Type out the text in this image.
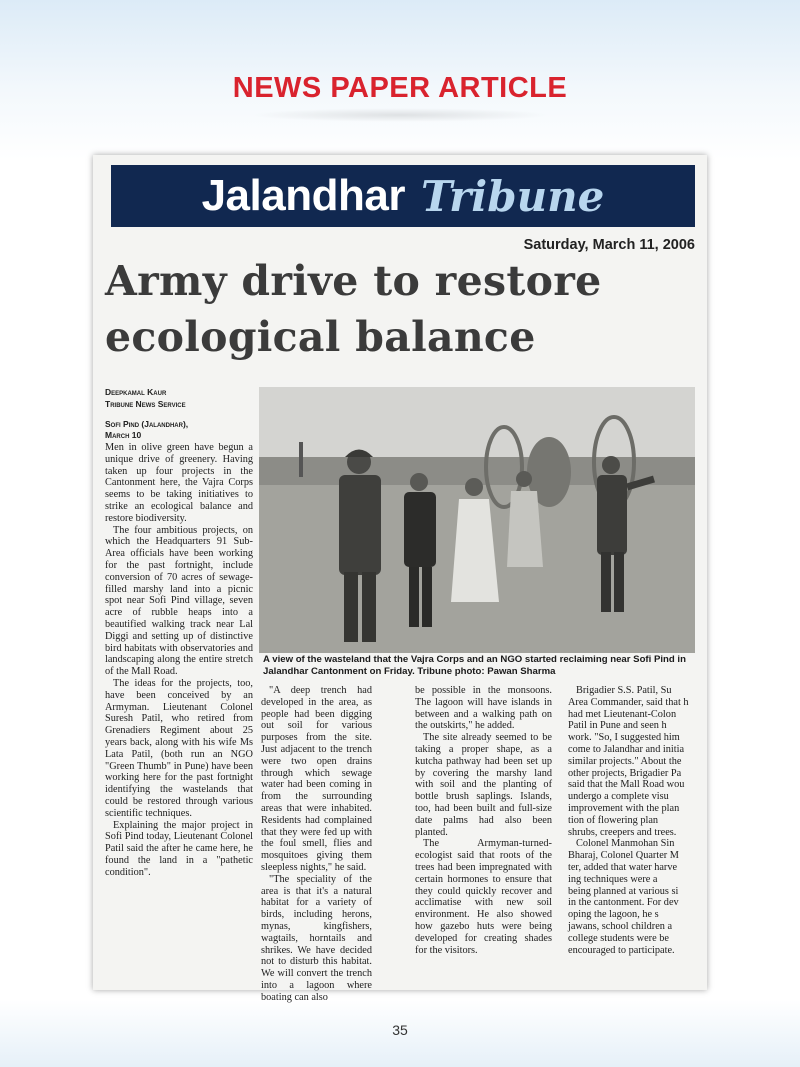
NEWS PAPER ARTICLE
Jalandhar Tribune
Saturday, March 11, 2006
Army drive to restore
ecological balance
Deepkamal Kaur
Tribune News Service
A view of the wasteland that the Vajra Corps and an NGO started reclaiming near Sofi Pind in Jalandhar Cantonment on Friday. Tribune photo: Pawan Sharma
Sofi Pind (Jalandhar),
March 10

Men in olive green have begun a unique drive of greenery. Having taken up four projects in the Cantonment here, the Vajra Corps seems to be taking initiatives to strike an ecological balance and restore biodiversity.

The four ambitious projects, on which the Headquarters 91 Sub-Area officials have been working for the past fortnight, include conversion of 70 acres of sewage-filled marshy land into a picnic spot near Sofi Pind village, seven acre of rubble heaps into a beautified walking track near Lal Diggi and setting up of distinctive bird habitats with observatories and landscaping along the entire stretch of the Mall Road.

The ideas for the projects, too, have been conceived by an Armyman. Lieutenant Colonel Suresh Patil, who retired from Grenadiers Regiment about 25 years back, along with his wife Ms Lata Patil, (both run an NGO "Green Thumb" in Pune) have been working here for the past fortnight identifying the wastelands that could be restored through various scientific techniques.

Explaining the major project in Sofi Pind today, Lieutenant Colonel Patil said the after he came here, he found the land in a "pathetic condition".

"A deep trench had developed in the area, as people had been digging out soil for various purposes from the site. Just adjacent to the trench were two open drains through which sewage water had been coming in from the surrounding areas that were inhabited. Residents had complained that they were fed up with the foul smell, flies and mosquitoes giving them sleepless nights," he said.

"The speciality of the area is that it's a natural habitat for a variety of birds, including herons, mynas, kingfishers, wagtails, horntails and shrikes. We have decided not to disturb this habitat. We will convert the trench into a lagoon where boating can also

be possible in the monsoons. The lagoon will have islands in between and a walking path on the outskirts," he added.

The site already seemed to be taking a proper shape, as a kutcha pathway had been set up by covering the marshy land with soil and the planting of bottle brush saplings. Islands, too, had been built and full-size date palms had also been planted.

The Armyman-turned-ecologist said that roots of the trees had been impregnated with certain hormones to ensure that they could quickly recover and acclimatise with new soil environment. He also showed how gazebo huts were being developed for creating shades for the visitors.

Brigadier S.S. Patil, Su

Area Commander, said that h

had met Lieutenant-Colon

Patil in Pune and seen h

work. "So, I suggested him

come to Jalandhar and initia

similar projects." About the

other projects, Brigadier Pa

said that the Mall Road wou

undergo a complete visu

improvement with the plan

tion of flowering plan

shrubs, creepers and trees.

Colonel Manmohan Sin

Bharaj, Colonel Quarter M

ter, added that water harve

ing techniques were a

being planned at various si

in the cantonment. For dev

oping the lagoon, he s

jawans, school children a

college students were be

encouraged to participate.

35
